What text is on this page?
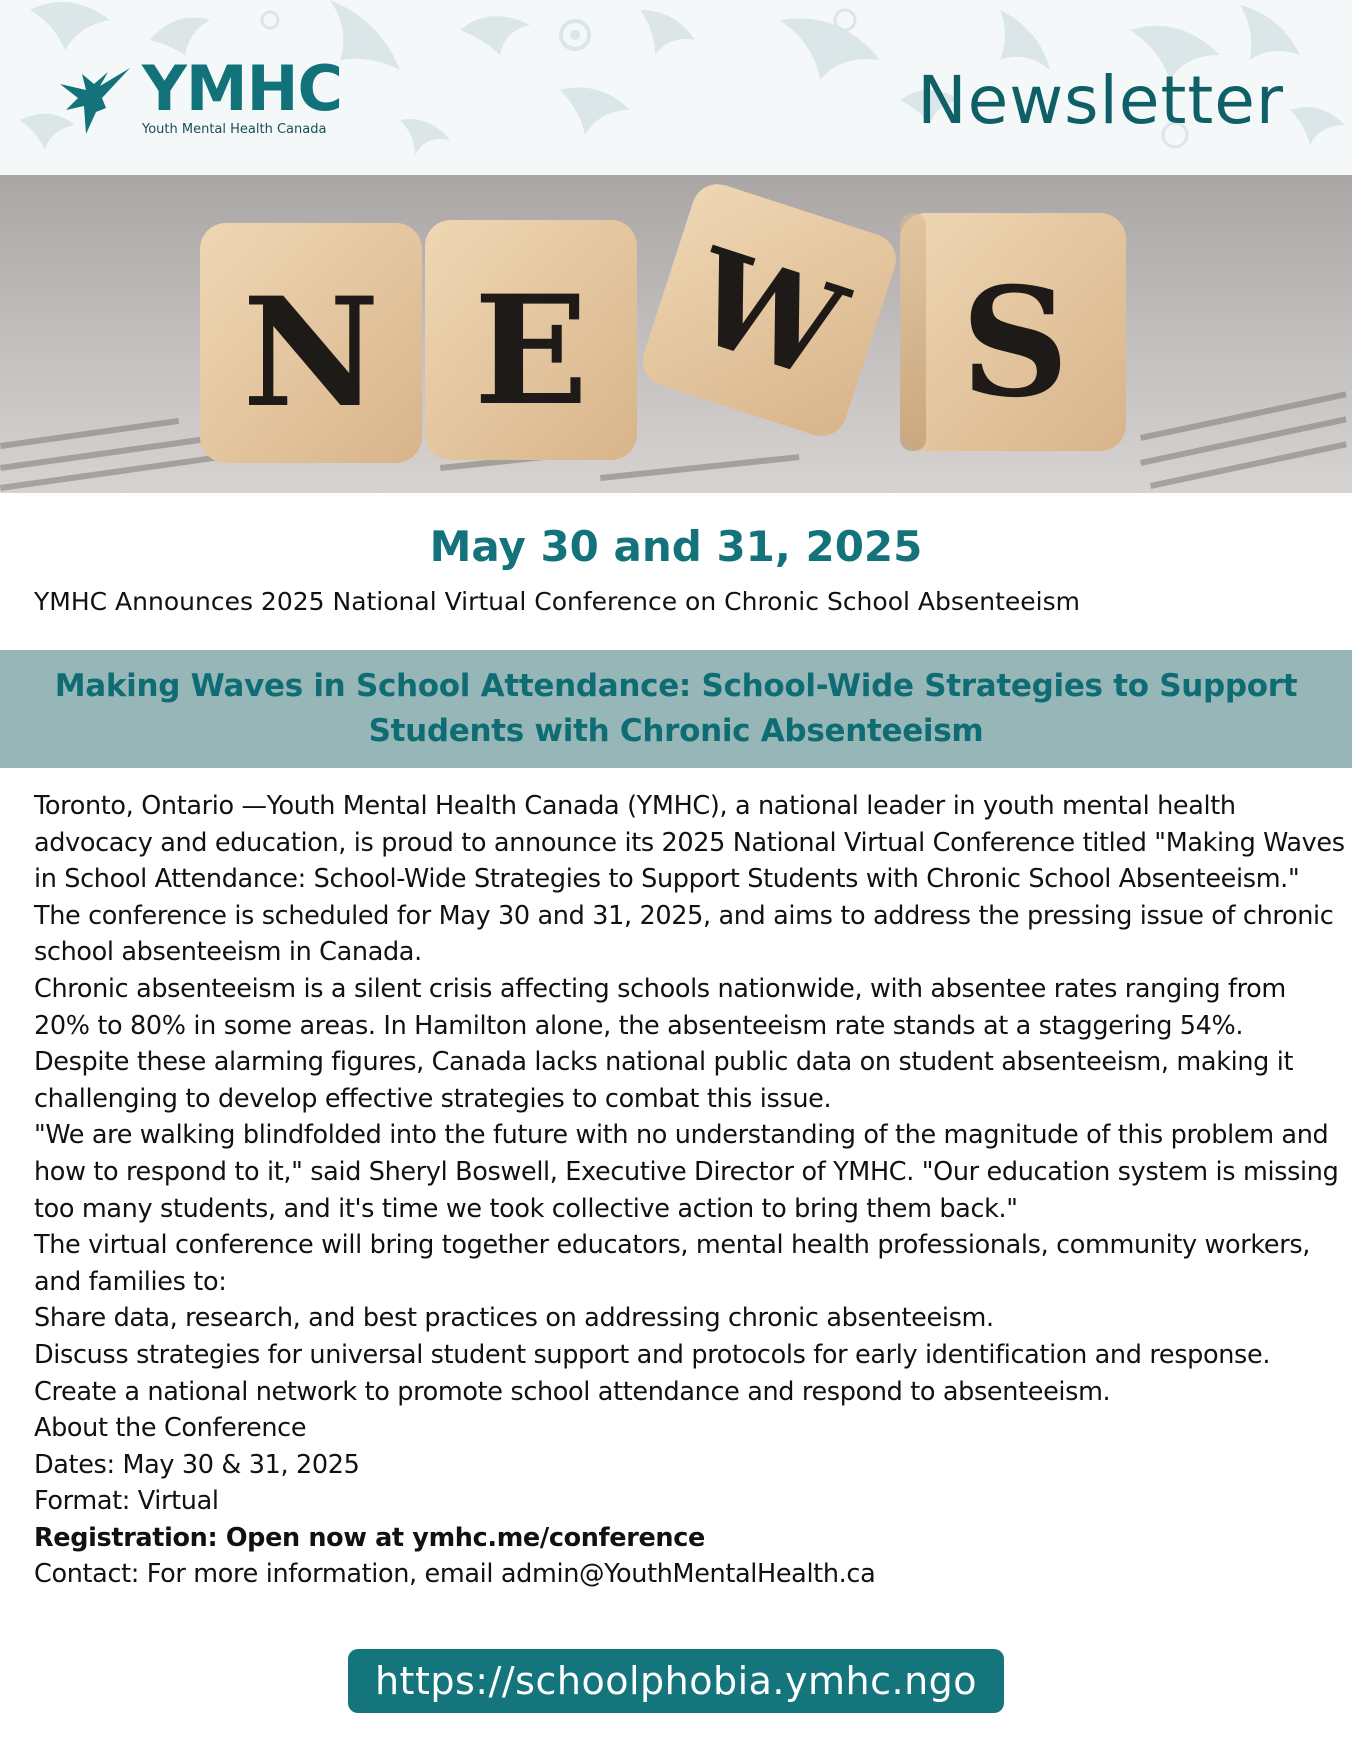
YMHC
Youth Mental Health Canada	Newsletter
N E W S
May 30 and 31, 2025
YMHC Announces 2025 National Virtual Conference on Chronic School Absenteeism
Making Waves in School Attendance: School-Wide Strategies to Support Students with Chronic Absenteeism

Toronto, Ontario —Youth Mental Health Canada (YMHC), a national leader in youth mental health advocacy and education, is proud to announce its 2025 National Virtual Conference titled "Making Waves in School Attendance: School-Wide Strategies to Support Students with Chronic School Absenteeism." The conference is scheduled for May 30 and 31, 2025, and aims to address the pressing issue of chronic school absenteeism in Canada.

Chronic absenteeism is a silent crisis affecting schools nationwide, with absentee rates ranging from 20% to 80% in some areas. In Hamilton alone, the absenteeism rate stands at a staggering 54%. Despite these alarming figures, Canada lacks national public data on student absenteeism, making it challenging to develop effective strategies to combat this issue.

"We are walking blindfolded into the future with no understanding of the magnitude of this problem and how to respond to it," said Sheryl Boswell, Executive Director of YMHC. "Our education system is missing too many students, and it's time we took collective action to bring them back."

The virtual conference will bring together educators, mental health professionals, community workers, and families to:

Share data, research, and best practices on addressing chronic absenteeism.

Discuss strategies for universal student support and protocols for early identification and response.

Create a national network to promote school attendance and respond to absenteeism.

About the Conference

Dates: May 30 & 31, 2025

Format: Virtual

Registration: Open now at ymhc.me/conference

Contact: For more information, email admin@YouthMentalHealth.ca

https://schoolphobia.ymhc.ngo
